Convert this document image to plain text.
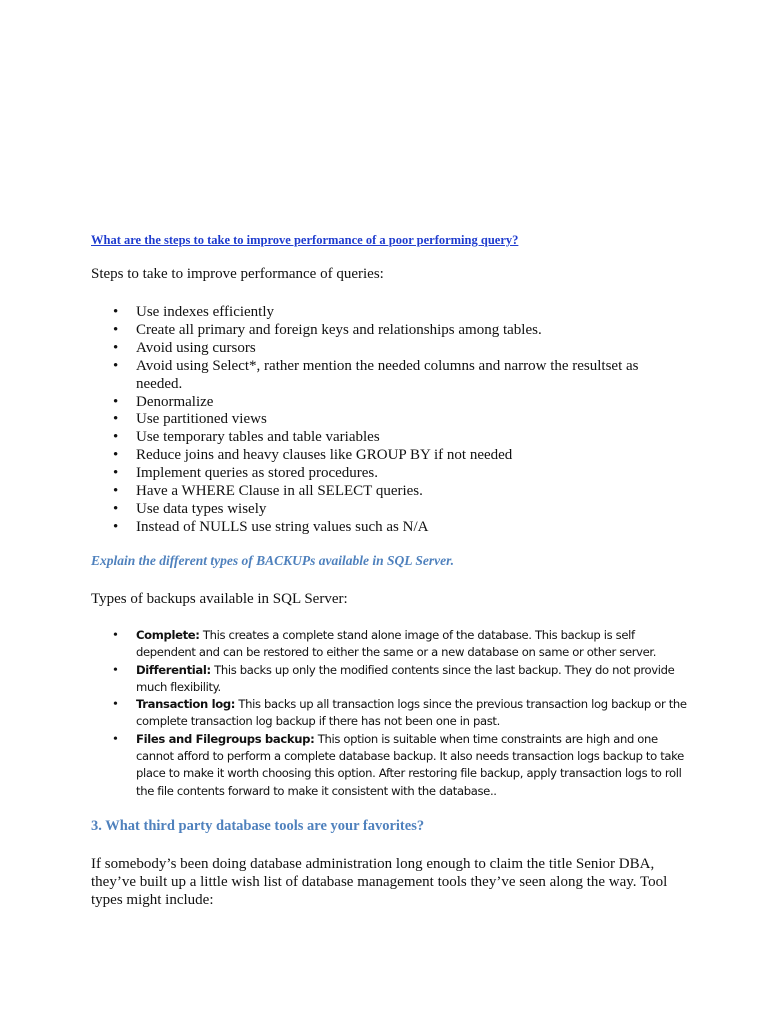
What are the steps to take to improve performance of a poor performing query?

Steps to take to improve performance of queries:

• Use indexes efficiently
• Create all primary and foreign keys and relationships among tables.
• Avoid using cursors
• Avoid using Select*, rather mention the needed columns and narrow the resultset as needed.
• Denormalize
• Use partitioned views
• Use temporary tables and table variables
• Reduce joins and heavy clauses like GROUP BY if not needed
• Implement queries as stored procedures.
• Have a WHERE Clause in all SELECT queries.
• Use data types wisely
• Instead of NULLS use string values such as N/A

Explain the different types of BACKUPs available in SQL Server.

Types of backups available in SQL Server:

• Complete: This creates a complete stand alone image of the database. This backup is self dependent and can be restored to either the same or a new database on same or other server.
• Differential: This backs up only the modified contents since the last backup. They do not provide much flexibility.
• Transaction log: This backs up all transaction logs since the previous transaction log backup or the complete transaction log backup if there has not been one in past.
• Files and Filegroups backup: This option is suitable when time constraints are high and one cannot afford to perform a complete database backup. It also needs transaction logs backup to take place to make it worth choosing this option. After restoring file backup, apply transaction logs to roll the file contents forward to make it consistent with the database..

3. What third party database tools are your favorites?

If somebody’s been doing database administration long enough to claim the title Senior DBA, they’ve built up a little wish list of database management tools they’ve seen along the way. Tool types might include:
